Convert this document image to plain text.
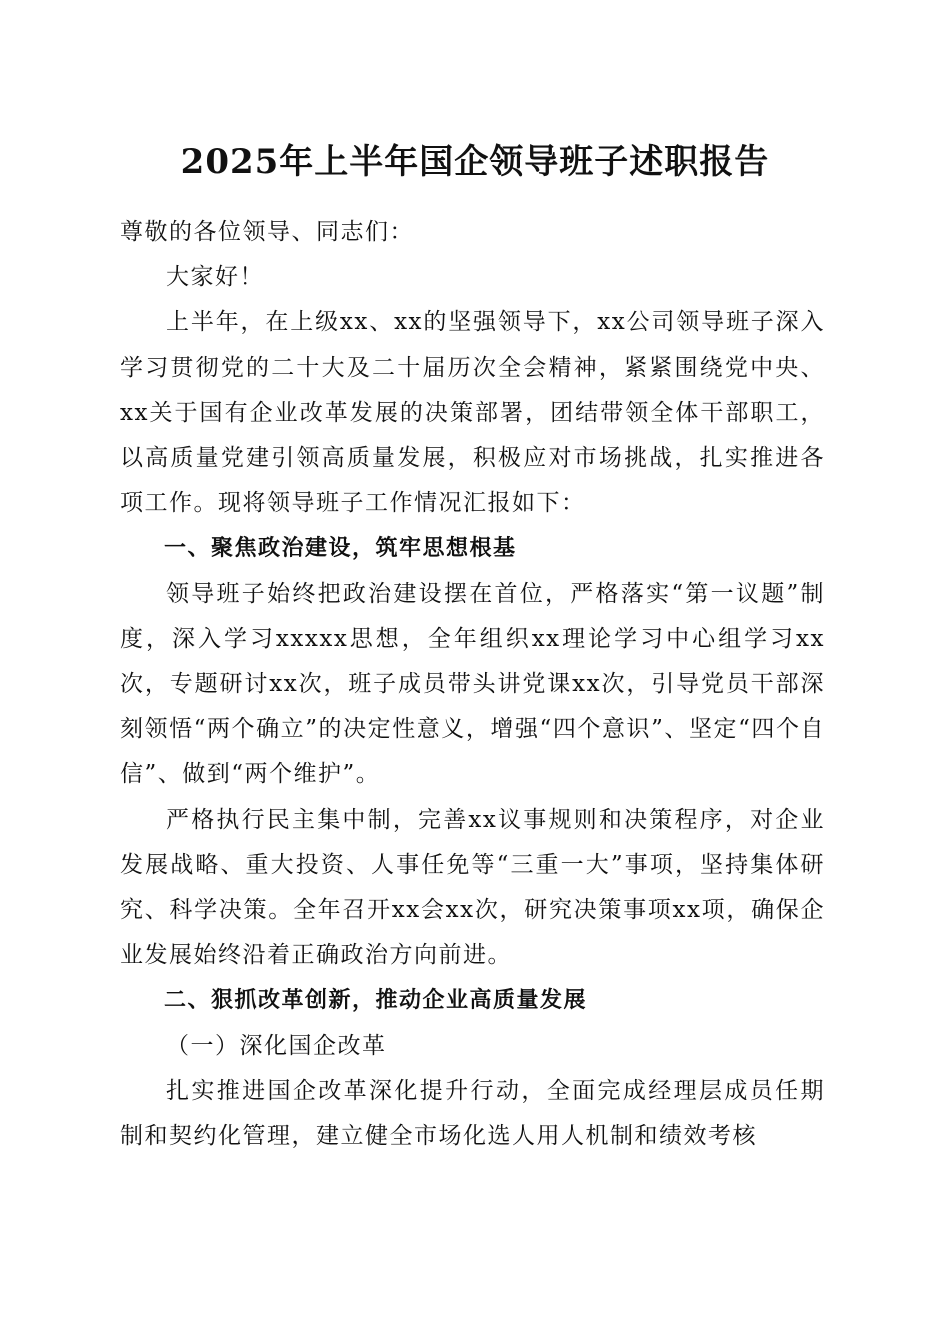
2025年上半年国企领导班子述职报告

尊敬的各位领导、同志们：

大家好！

上半年，在上级xx、xx的坚强领导下，xx公司领导班子深入学习贯彻党的二十大及二十届历次全会精神，紧紧围绕党中央、xx关于国有企业改革发展的决策部署，团结带领全体干部职工，以高质量党建引领高质量发展，积极应对市场挑战，扎实推进各项工作。现将领导班子工作情况汇报如下：

一、聚焦政治建设，筑牢思想根基

领导班子始终把政治建设摆在首位，严格落实“第一议题”制度，深入学习xxxxx思想，全年组织xx理论学习中心组学习xx次，专题研讨xx次，班子成员带头讲党课xx次，引导党员干部深刻领悟“两个确立”的决定性意义，增强“四个意识”、坚定“四个自信”、做到“两个维护”。

严格执行民主集中制，完善xx议事规则和决策程序，对企业发展战略、重大投资、人事任免等“三重一大”事项，坚持集体研究、科学决策。全年召开xx会xx次，研究决策事项xx项，确保企业发展始终沿着正确政治方向前进。

二、狠抓改革创新，推动企业高质量发展

（一）深化国企改革

扎实推进国企改革深化提升行动，全面完成经理层成员任期制和契约化管理，建立健全市场化选人用人机制和绩效考核
